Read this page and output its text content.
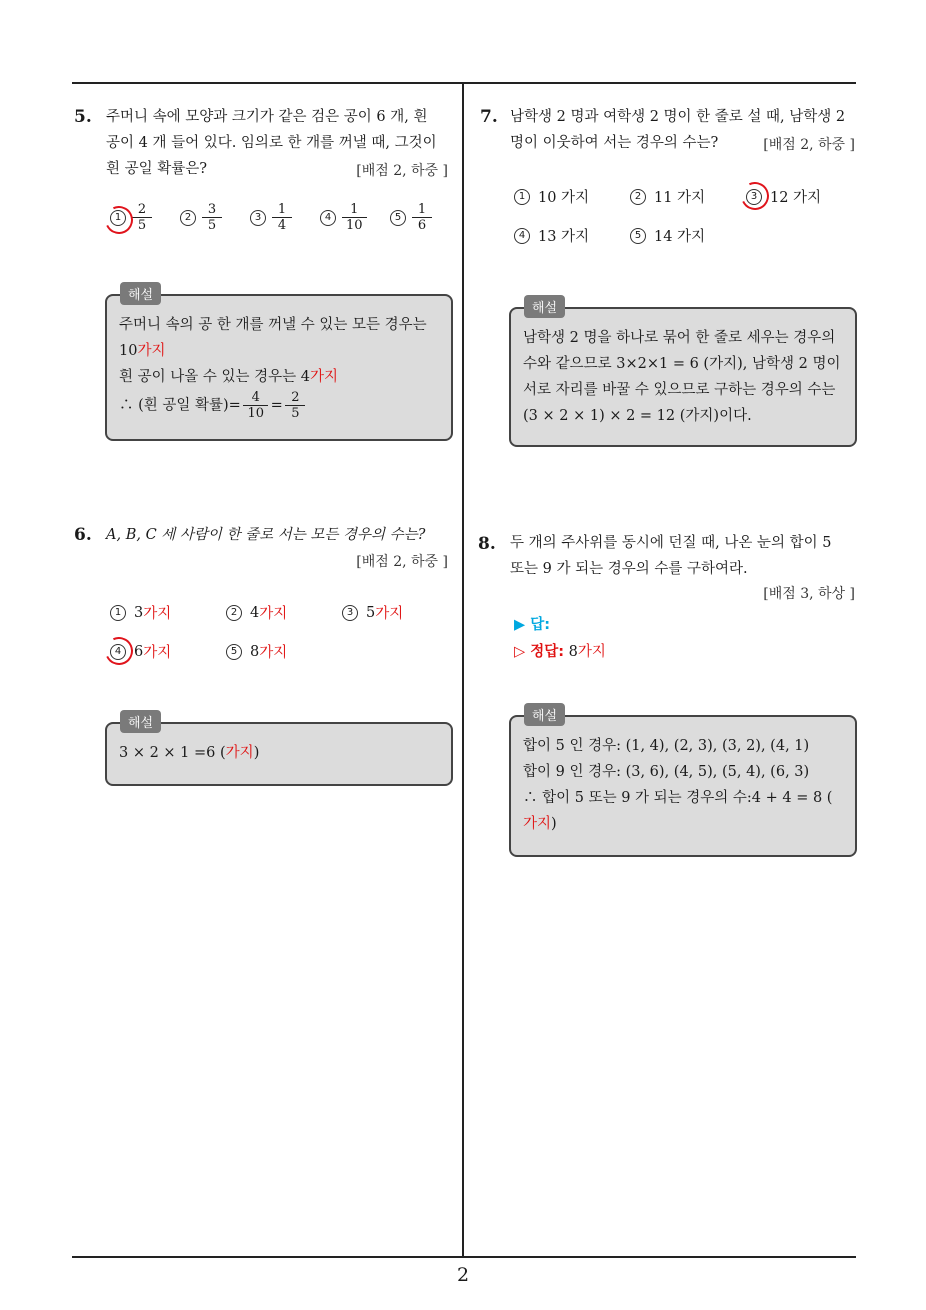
5. 주머니 속에 모양과 크기가 같은 검은 공이 6 개, 흰
공이 4 개 들어 있다. 임의로 한 개를 꺼낼 때, 그것이
흰 공일 확률은?	[배점 2, 하중 ]
$1 \frac{2}{5}$	$2 \frac{3}{5}$	$3 \frac{1}{4}$	$4 \frac{1}{10}$	$5 \frac{1}{6}$
주머니 속의 공 한 개를 꺼낼 수 있는 모든 경우는
10가지
흰 공이 나올 수 있는 경우는 4가지
∴ (흰 공일 확률)= $\frac{4}{10} = \frac{2}{5}$
해설
6. A, B, C 세 사람이 한 줄로 서는 모든 경우의 수는?
[배점 2, 하중 ]
1 3 가지	2 4 가지	3 5 가지
4 6 가지	5 8 가지
3 × 2 × 1 =6 (가지)
해설
7. 남학생 2 명과 여학생 2 명이 한 줄로 설 때, 남학생 2
명이 이웃하여 서는 경우의 수는?	[배점 2, 하중 ]
1 10 가지	2 11 가지	3 12 가지
4 13 가지	5 14 가지
남학생 2 명을 하나로 묶어 한 줄로 세우는 경우의
수와 같으므로 3×2×1 = 6 (가지), 남학생 2 명이
서로 자리를 바꿀 수 있으므로 구하는 경우의 수는
(3 × 2 × 1) × 2 = 12 (가지)이다.
해설
8. 두 개의 주사위를 동시에 던질 때, 나온 눈의 합이 5
또는 9 가 되는 경우의 수를 구하여라.
[배점 3, 하상 ]
▶ 답:
▷ 정답: 8가지
합이 5 인 경우: (1, 4), (2, 3), (3, 2), (4, 1)
합이 9 인 경우: (3, 6), (4, 5), (5, 4), (6, 3)
∴ 합이 5 또는 9 가 되는 경우의 수:4 + 4 = 8 (
가지)
해설
2
